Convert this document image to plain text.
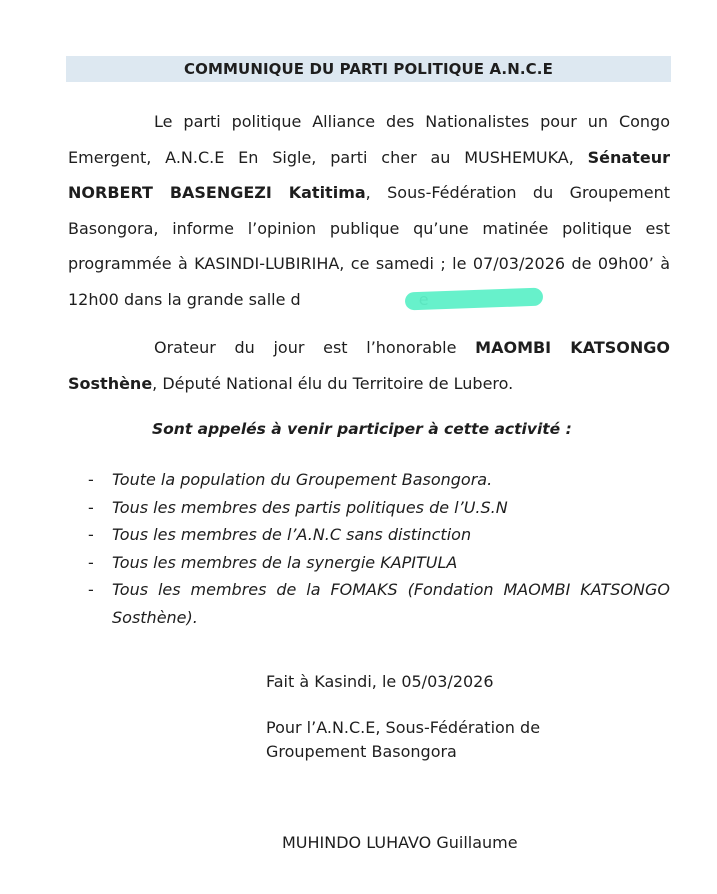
COMMUNIQUE DU PARTI POLITIQUE A.N.C.E

Le parti politique Alliance des Nationalistes pour un Congo Emergent, A.N.C.E En Sigle, parti cher au MUSHEMUKA, Sénateur NORBERT BASENGEZI Katitima, Sous-Fédération du Groupement Basongora, informe l’opinion publique qu’une matinée politique est programmée à KASINDI-LUBIRIHA, ce samedi ; le 07/03/2026 de 09h00’ à 12h00 dans la grande salle d

Orateur du jour est l’honorable MAOMBI KATSONGO Sosthène, Député National élu du Territoire de Lubero.

Sont appelés à venir participer à cette activité :
- Toute la population du Groupement Basongora.
- Tous les membres des partis politiques de l’U.S.N
- Tous les membres de l’A.N.C sans distinction
- Tous les membres de la synergie KAPITULA
- Tous les membres de la FOMAKS (Fondation MAOMBI KATSONGO Sosthène).
Fait à Kasindi, le 05/03/2026
Pour l’A.N.C.E, Sous-Fédération de Groupement Basongora
MUHINDO LUHAVO Guillaume
